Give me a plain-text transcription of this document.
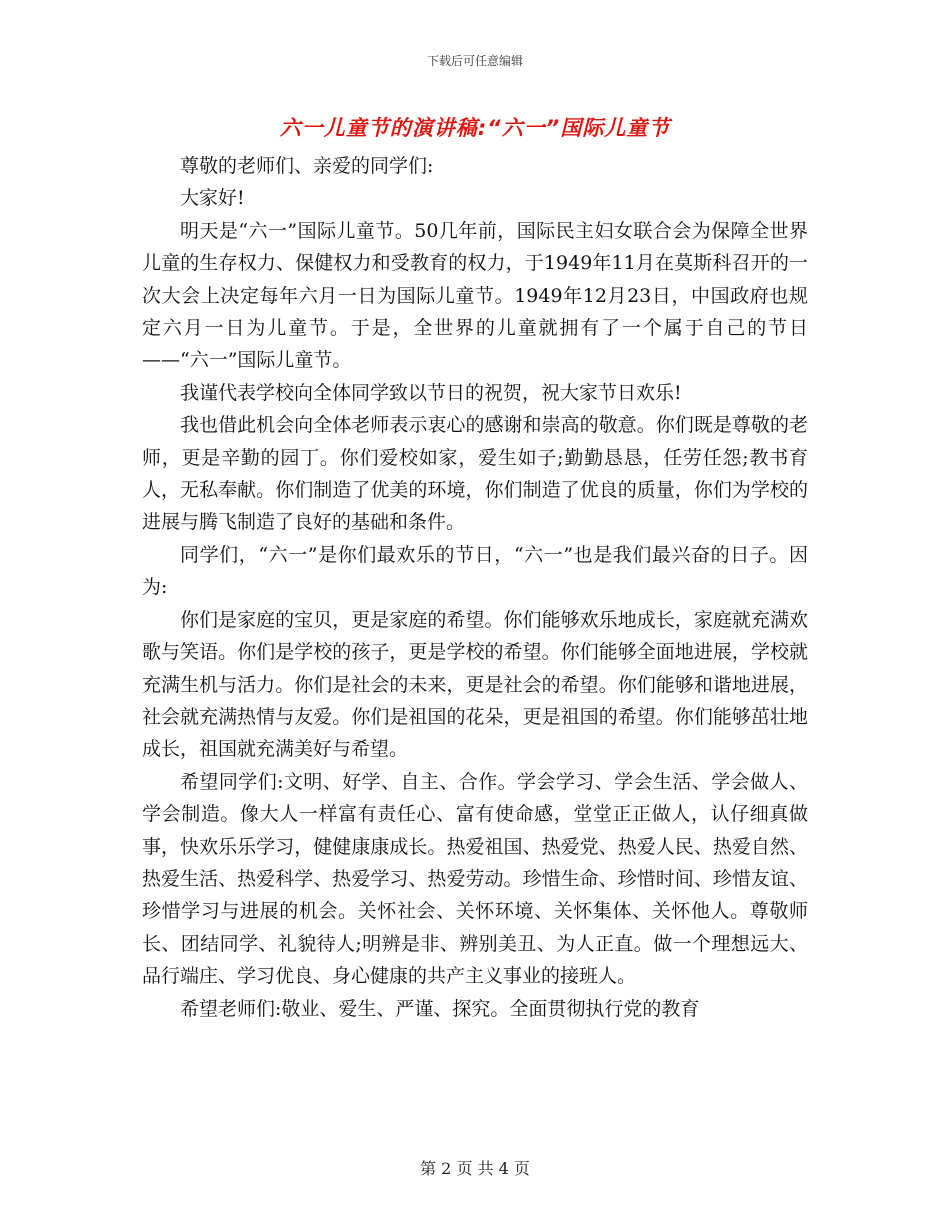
下载后可任意编辑
六一儿童节的演讲稿:“六一”国际儿童节

尊敬的老师们、亲爱的同学们:

大家好!

明天是“六一”国际儿童节。50几年前，国际民主妇女联合会为保障全世界儿童的生存权力、保健权力和受教育的权力，于1949年11月在莫斯科召开的一次大会上决定每年六月一日为国际儿童节。1949年12月23日，中国政府也规定六月一日为儿童节。于是，全世界的儿童就拥有了一个属于自己的节日——“六一”国际儿童节。

我谨代表学校向全体同学致以节日的祝贺，祝大家节日欢乐!

我也借此机会向全体老师表示衷心的感谢和崇高的敬意。你们既是尊敬的老师，更是辛勤的园丁。你们爱校如家，爱生如子;勤勤恳恳，任劳任怨;教书育人，无私奉献。你们制造了优美的环境，你们制造了优良的质量，你们为学校的进展与腾飞制造了良好的基础和条件。

同学们，“六一”是你们最欢乐的节日，“六一”也是我们最兴奋的日子。因为:

你们是家庭的宝贝，更是家庭的希望。你们能够欢乐地成长，家庭就充满欢歌与笑语。你们是学校的孩子，更是学校的希望。你们能够全面地进展，学校就充满生机与活力。你们是社会的未来，更是社会的希望。你们能够和谐地进展，社会就充满热情与友爱。你们是祖国的花朵，更是祖国的希望。你们能够茁壮地成长，祖国就充满美好与希望。

希望同学们:文明、好学、自主、合作。学会学习、学会生活、学会做人、学会制造。像大人一样富有责任心、富有使命感，堂堂正正做人，认仔细真做事，快欢乐乐学习，健健康康成长。热爱祖国、热爱党、热爱人民、热爱自然、热爱生活、热爱科学、热爱学习、热爱劳动。珍惜生命、珍惜时间、珍惜友谊、珍惜学习与进展的机会。关怀社会、关怀环境、关怀集体、关怀他人。尊敬师长、团结同学、礼貌待人;明辨是非、辨别美丑、为人正直。做一个理想远大、品行端庄、学习优良、身心健康的共产主义事业的接班人。

希望老师们:敬业、爱生、严谨、探究。全面贯彻执行党的教育

第 2 页 共 4 页
